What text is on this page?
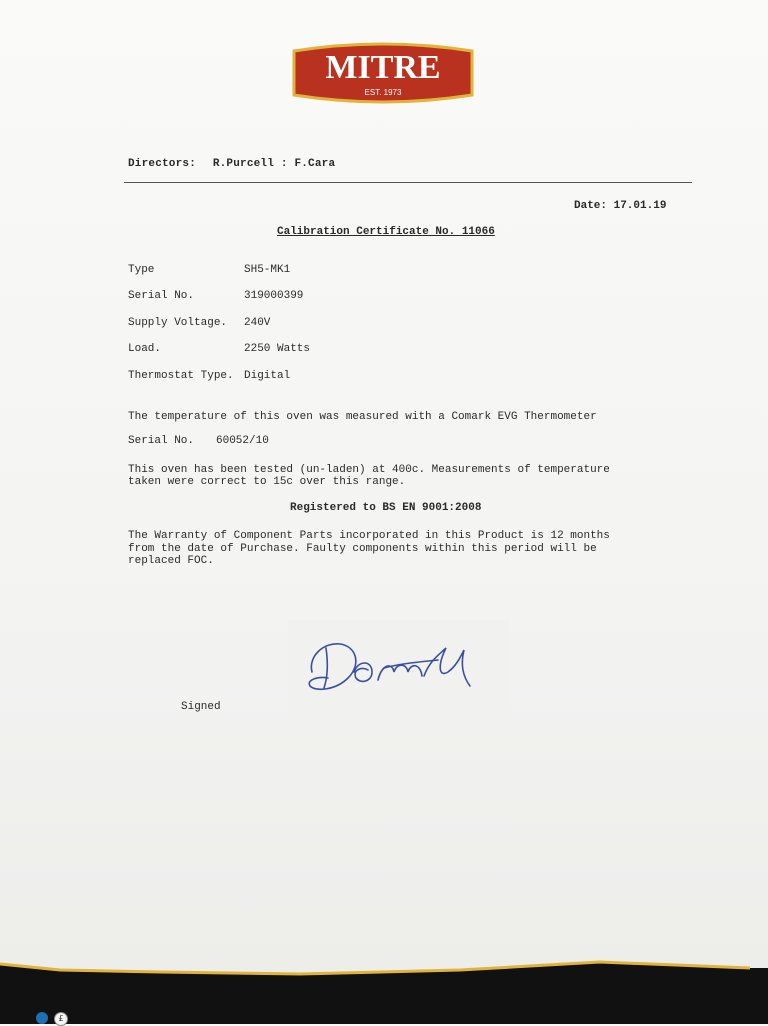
MITRE
EST. 1973
Directors: R.Purcell : F.Cara
Date: 17.01.19
Calibration Certificate No. 11066
Type	SH5-MK1
Serial No.	319000399
Supply Voltage. 240V
Load.	2250 Watts
Thermostat Type. Digital
The temperature of this oven was measured with a Comark EVG Thermometer
Serial No. 60052/10
This oven has been tested (un-laden) at 400c. Measurements of temperature
taken were correct to 15c over this range.
Registered to BS EN 9001:2008
The Warranty of Component Parts incorporated in this Product is 12 months
from the date of Purchase. Faulty components within this period will be
replaced FOC.
Signed
£
